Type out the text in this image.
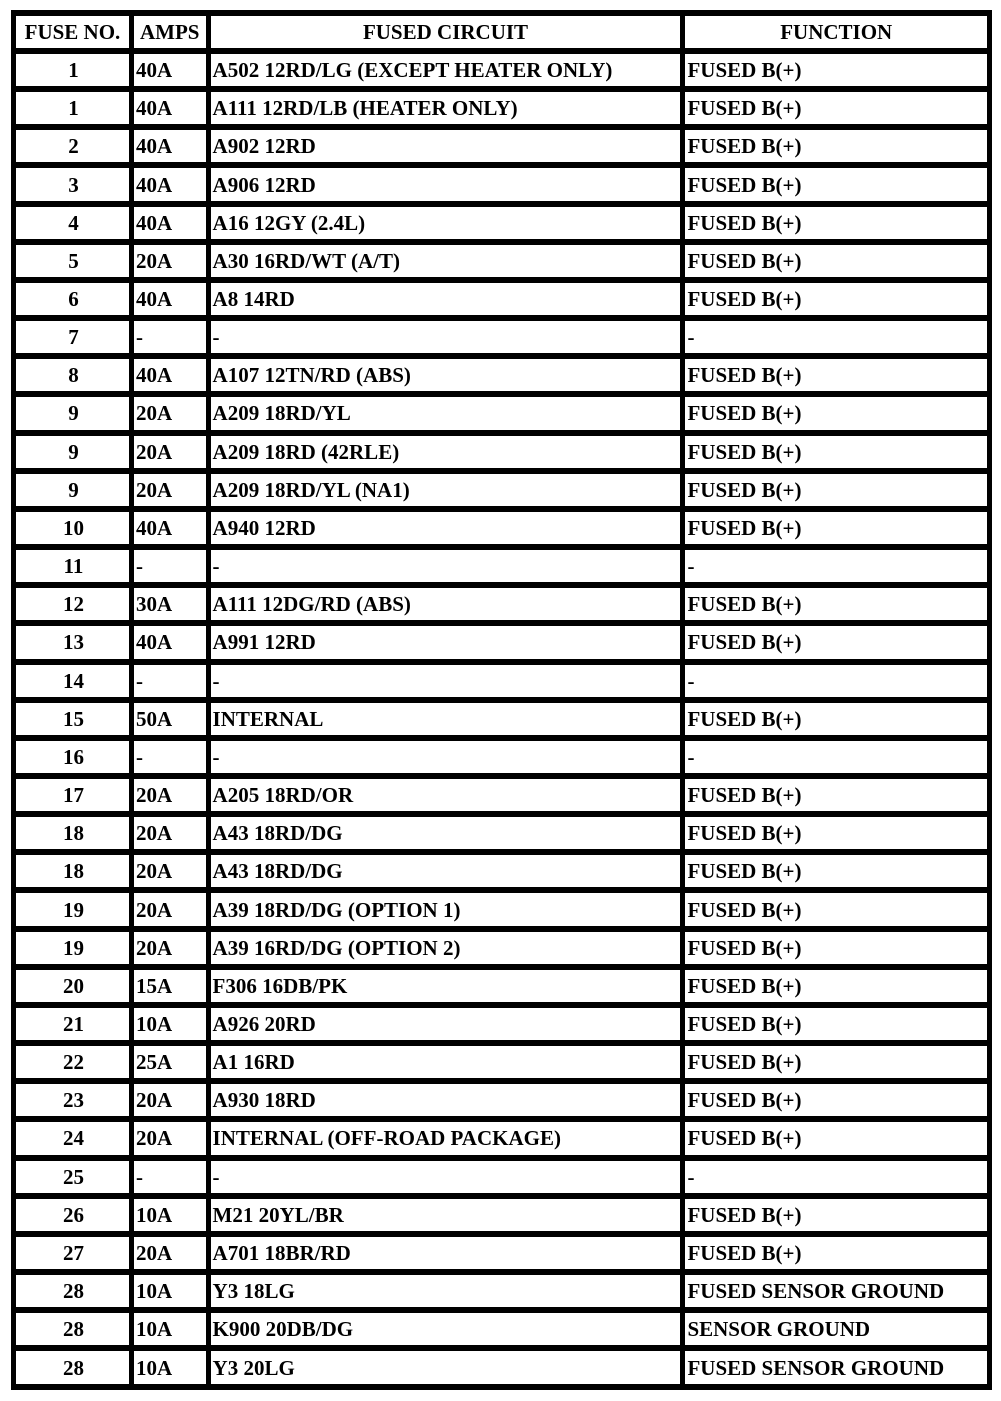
FUSE NO.	AMPS	FUSED CIRCUIT	FUNCTION
1	40A	A502 12RD/LG (EXCEPT HEATER ONLY)	FUSED B(+)
1	40A	A111 12RD/LB (HEATER ONLY)	FUSED B(+)
2	40A	A902 12RD	FUSED B(+)
3	40A	A906 12RD	FUSED B(+)
4	40A	A16 12GY (2.4L)	FUSED B(+)
5	20A	A30 16RD/WT (A/T)	FUSED B(+)
6	40A	A8 14RD	FUSED B(+)
7	-	-	-
8	40A	A107 12TN/RD (ABS)	FUSED B(+)
9	20A	A209 18RD/YL	FUSED B(+)
9	20A	A209 18RD (42RLE)	FUSED B(+)
9	20A	A209 18RD/YL (NA1)	FUSED B(+)
10	40A	A940 12RD	FUSED B(+)
11	-	-	-
12	30A	A111 12DG/RD (ABS)	FUSED B(+)
13	40A	A991 12RD	FUSED B(+)
14	-	-	-
15	50A	INTERNAL	FUSED B(+)
16	-	-	-
17	20A	A205 18RD/OR	FUSED B(+)
18	20A	A43 18RD/DG	FUSED B(+)
18	20A	A43 18RD/DG	FUSED B(+)
19	20A	A39 18RD/DG (OPTION 1)	FUSED B(+)
19	20A	A39 16RD/DG (OPTION 2)	FUSED B(+)
20	15A	F306 16DB/PK	FUSED B(+)
21	10A	A926 20RD	FUSED B(+)
22	25A	A1 16RD	FUSED B(+)
23	20A	A930 18RD	FUSED B(+)
24	20A	INTERNAL (OFF-ROAD PACKAGE)	FUSED B(+)
25	-	-	-
26	10A	M21 20YL/BR	FUSED B(+)
27	20A	A701 18BR/RD	FUSED B(+)
28	10A	Y3 18LG	FUSED SENSOR GROUND
28	10A	K900 20DB/DG	SENSOR GROUND
28	10A	Y3 20LG	FUSED SENSOR GROUND
